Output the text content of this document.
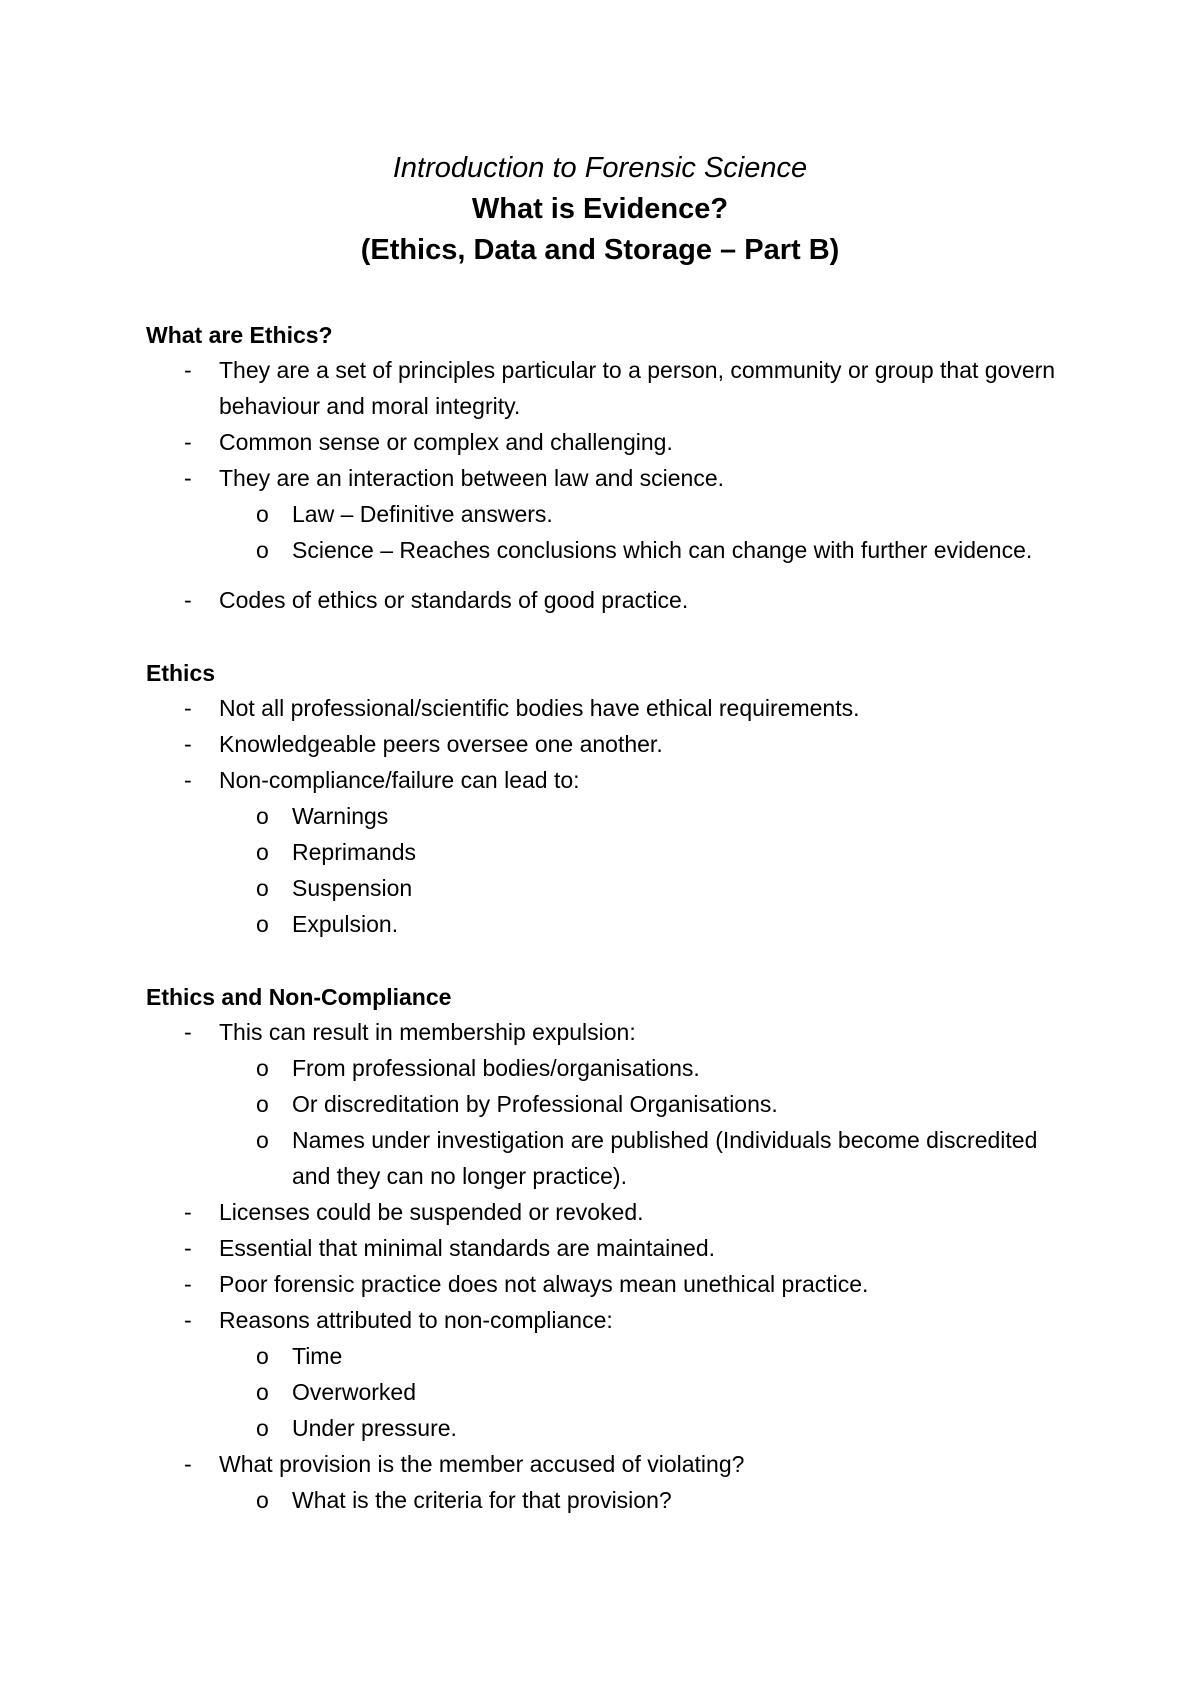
Introduction to Forensic Science

What is Evidence?

(Ethics, Data and Storage – Part B)

What are Ethics?

- They are a set of principles particular to a person, community or group that govern behaviour and moral integrity.

- Common sense or complex and challenging.

- They are an interaction between law and science.

o Law – Definitive answers.

o Science – Reaches conclusions which can change with further evidence.

- Codes of ethics or standards of good practice.

Ethics

- Not all professional/scientific bodies have ethical requirements.

- Knowledgeable peers oversee one another.

- Non-compliance/failure can lead to:

o Warnings

o Reprimands

o Suspension

o Expulsion.

Ethics and Non-Compliance

- This can result in membership expulsion:

o From professional bodies/organisations.

o Or discreditation by Professional Organisations.

o Names under investigation are published (Individuals become discredited and they can no longer practice).

- Licenses could be suspended or revoked.

- Essential that minimal standards are maintained.

- Poor forensic practice does not always mean unethical practice.

- Reasons attributed to non-compliance:

o Time

o Overworked

o Under pressure.

- What provision is the member accused of violating?

o What is the criteria for that provision?
